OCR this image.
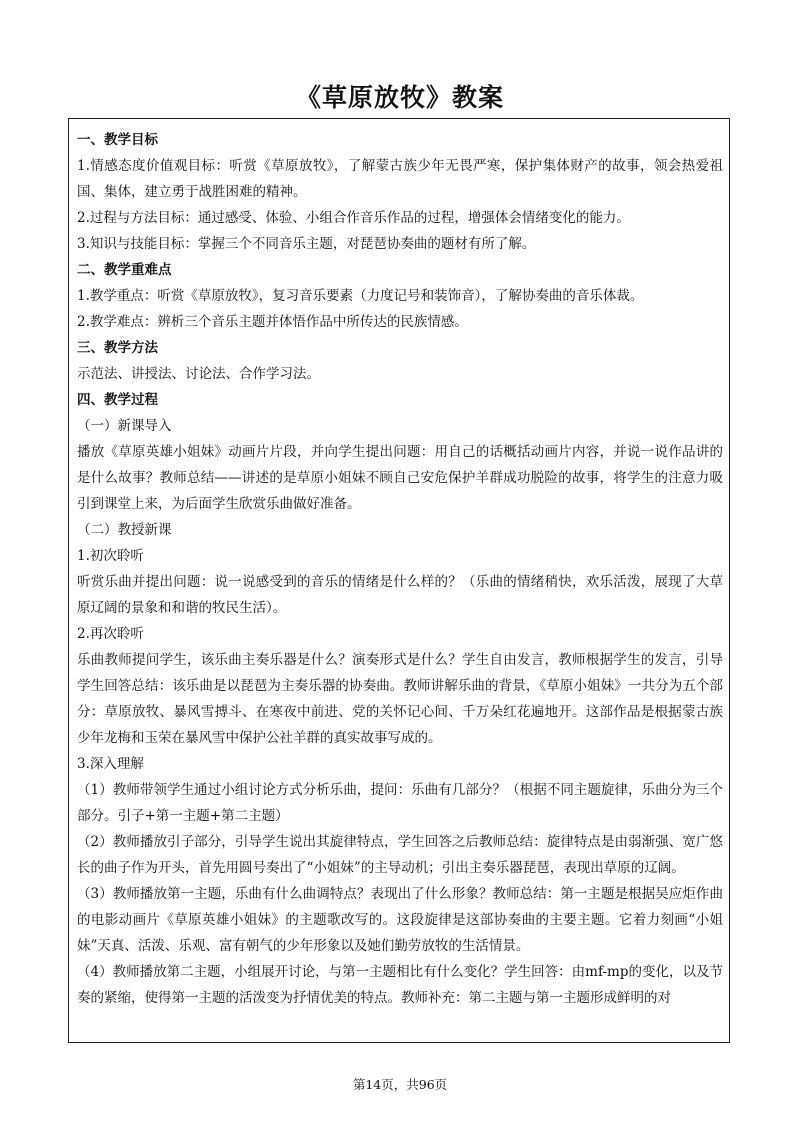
《草原放牧》教案

一、教学目标

1.情感态度价值观目标：听赏《草原放牧》，了解蒙古族少年无畏严寒，保护集体财产的故事，领会热爱祖国、集体，建立勇于战胜困难的精神。

2.过程与方法目标：通过感受、体验、小组合作音乐作品的过程，增强体会情绪变化的能力。

3.知识与技能目标：掌握三个不同音乐主题，对琵琶协奏曲的题材有所了解。

二、教学重难点

1.教学重点：听赏《草原放牧》，复习音乐要素（力度记号和装饰音），了解协奏曲的音乐体裁。

2.教学难点：辨析三个音乐主题并体悟作品中所传达的民族情感。

三、教学方法

示范法、讲授法、讨论法、合作学习法。

四、教学过程

（一）新课导入

播放《草原英雄小姐妹》动画片片段，并向学生提出问题：用自己的话概括动画片内容，并说一说作品讲的是什么故事？教师总结——讲述的是草原小姐妹不顾自己安危保护羊群成功脱险的故事，将学生的注意力吸引到课堂上来，为后面学生欣赏乐曲做好准备。

（二）教授新课

1.初次聆听

听赏乐曲并提出问题：说一说感受到的音乐的情绪是什么样的？（乐曲的情绪稍快，欢乐活泼，展现了大草原辽阔的景象和和谐的牧民生活）。

2.再次聆听

乐曲教师提问学生，该乐曲主奏乐器是什么？演奏形式是什么？学生自由发言，教师根据学生的发言，引导学生回答总结：该乐曲是以琵琶为主奏乐器的协奏曲。教师讲解乐曲的背景，《草原小姐妹》一共分为五个部分：草原放牧、暴风雪搏斗、在寒夜中前进、党的关怀记心间、千万朵红花遍地开。这部作品是根据蒙古族少年龙梅和玉荣在暴风雪中保护公社羊群的真实故事写成的。

3.深入理解

（1）教师带领学生通过小组讨论方式分析乐曲，提问：乐曲有几部分？（根据不同主题旋律，乐曲分为三个部分。引子+第一主题+第二主题）

（2）教师播放引子部分，引导学生说出其旋律特点，学生回答之后教师总结：旋律特点是由弱渐强、宽广悠长的曲子作为开头，首先用圆号奏出了“小姐妹”的主导动机；引出主奏乐器琵琶，表现出草原的辽阔。

（3）教师播放第一主题，乐曲有什么曲调特点？表现出了什么形象？教师总结：第一主题是根据吴应炬作曲的电影动画片《草原英雄小姐妹》的主题歌改写的。这段旋律是这部协奏曲的主要主题。它着力刻画“小姐妹”天真、活泼、乐观、富有朝气的少年形象以及她们勤劳放牧的生活情景。

（4）教师播放第二主题，小组展开讨论，与第一主题相比有什么变化？学生回答：由mf-mp的变化，以及节奏的紧缩，使得第一主题的活泼变为抒情优美的特点。教师补充：第二主题与第一主题形成鲜明的对

第14页，共96页
